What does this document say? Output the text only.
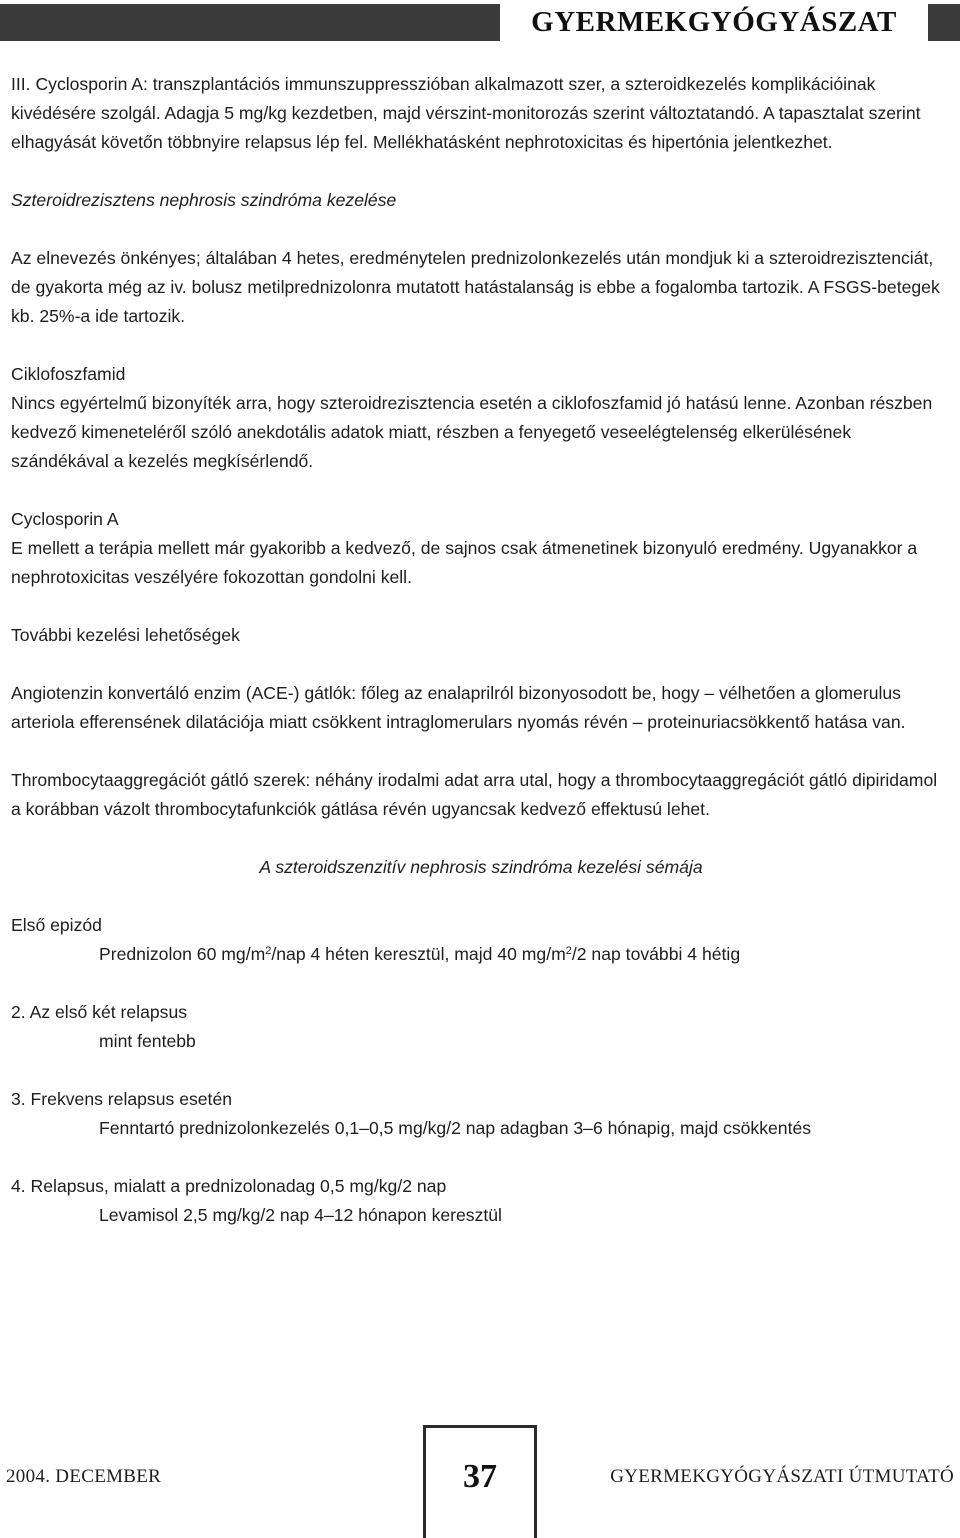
GYERMEKGYÓGYÁSZAT

III. Cyclosporin A: transzplantációs immunszuppresszióban alkalmazott szer, a szteroidkezelés komplikációinak kivédésére szolgál. Adagja 5 mg/kg kezdetben, majd vérszint-monitorozás szerint változtatandó. A tapasztalat szerint elhagyását követőn többnyire relapsus lép fel. Mellékhatásként nephrotoxicitas és hipertónia jelentkezhet.

Szteroidrezisztens nephrosis szindróma kezelése

Az elnevezés önkényes; általában 4 hetes, eredménytelen prednizolonkezelés után mondjuk ki a szteroidrezisztenciát, de gyakorta még az iv. bolusz metilprednizolonra mutatott hatástalanság is ebbe a fogalomba tartozik. A FSGS-betegek kb. 25%-a ide tartozik.

Ciklofoszfamid

Nincs egyértelmű bizonyíték arra, hogy szteroidrezisztencia esetén a ciklofoszfamid jó hatású lenne. Azonban részben kedvező kimeneteléről szóló anekdotális adatok miatt, részben a fenyegető veseelégtelenség elkerülésének szándékával a kezelés megkísérlendő.

Cyclosporin A

E mellett a terápia mellett már gyakoribb a kedvező, de sajnos csak átmenetinek bizonyuló eredmény. Ugyanakkor a nephrotoxicitas veszélyére fokozottan gondolni kell.

További kezelési lehetőségek

Angiotenzin konvertáló enzim (ACE-) gátlók: főleg az enalaprilról bizonyosodott be, hogy – vélhetően a glomerulus arteriola efferensének dilatációja miatt csökkent intraglomerulars nyomás révén – proteinuriacsökkentő hatása van.

Thrombocytaaggregációt gátló szerek: néhány irodalmi adat arra utal, hogy a thrombocytaaggregációt gátló dipiridamol a korábban vázolt thrombocytafunkciók gátlása révén ugyancsak kedvező effektusú lehet.

A szteroidszenzitív nephrosis szindróma kezelési sémája

Első epizód

Prednizolon 60 $mg/m^2$/nap 4 héten keresztül, majd 40 $mg/m^2/2$ nap további 4 hétig

2. Az első két relapsus

mint fentebb

3. Frekvens relapsus esetén

Fenntartó prednizolonkezelés 0,1–0,5 mg/kg/2 nap adagban 3–6 hónapig, majd csökkentés

4. Relapsus, mialatt a prednizolonadag 0,5 mg/kg/2 nap

Levamisol 2,5 mg/kg/2 nap 4–12 hónapon keresztül

2004. DECEMBER	37	GYERMEKGYÓGYÁSZATI ÚTMUTATÓ
